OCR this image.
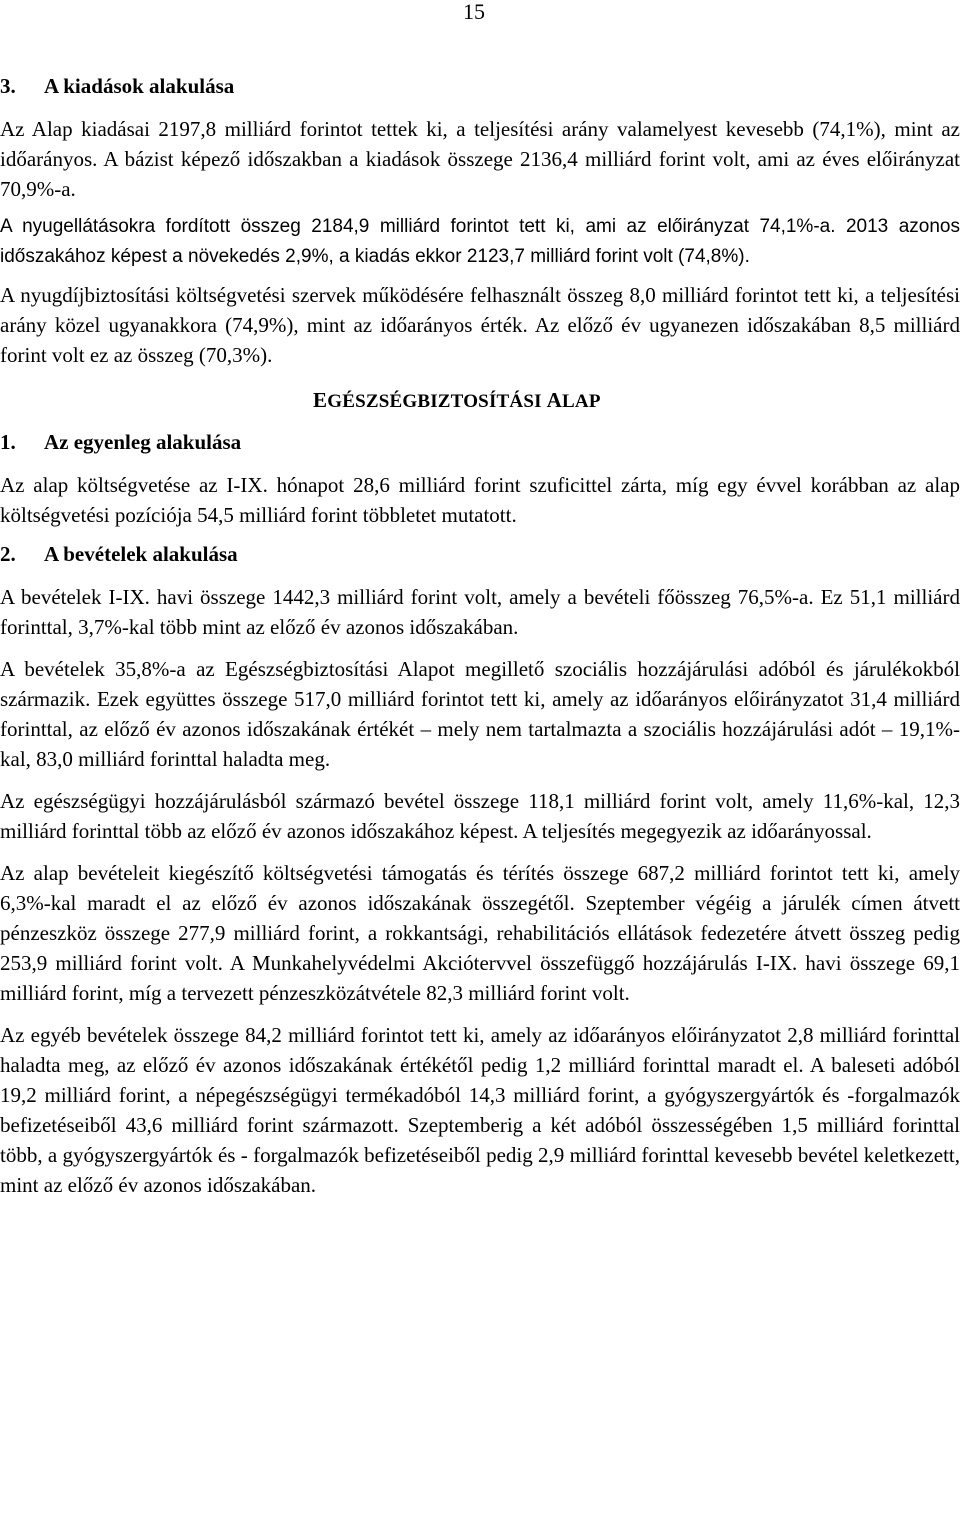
15
3. A kiadások alakulása

Az Alap kiadásai 2197,8 milliárd forintot tettek ki, a teljesítési arány valamelyest kevesebb (74,1%), mint az időarányos. A bázist képező időszakban a kiadások összege 2136,4 milliárd forint volt, ami az éves előirányzat 70,9%-a.

A nyugellátásokra fordított összeg 2184,9 milliárd forintot tett ki, ami az előirányzat 74,1%-a. 2013 azonos időszakához képest a növekedés 2,9%, a kiadás ekkor 2123,7 milliárd forint volt (74,8%).

A nyugdíjbiztosítási költségvetési szervek működésére felhasznált összeg 8,0 milliárd forintot tett ki, a teljesítési arány közel ugyanakkora (74,9%), mint az időarányos érték. Az előző év ugyanezen időszakában 8,5 milliárd forint volt ez az összeg (70,3%).

EGÉSZSÉGBIZTOSÍTÁSI ALAP
1. Az egyenleg alakulása

Az alap költségvetése az I-IX. hónapot 28,6 milliárd forint szuficittel zárta, míg egy évvel korábban az alap költségvetési pozíciója 54,5 milliárd forint többletet mutatott.

2. A bevételek alakulása

A bevételek I-IX. havi összege 1442,3 milliárd forint volt, amely a bevételi főösszeg 76,5%-a. Ez 51,1 milliárd forinttal, 3,7%-kal több mint az előző év azonos időszakában.

A bevételek 35,8%-a az Egészségbiztosítási Alapot megillető szociális hozzájárulási adóból és járulékokból származik. Ezek együttes összege 517,0 milliárd forintot tett ki, amely az időarányos előirányzatot 31,4 milliárd forinttal, az előző év azonos időszakának értékét – mely nem tartalmazta a szociális hozzájárulási adót – 19,1%-kal, 83,0 milliárd forinttal haladta meg.

Az egészségügyi hozzájárulásból származó bevétel összege 118,1 milliárd forint volt, amely 11,6%-kal, 12,3 milliárd forinttal több az előző év azonos időszakához képest. A teljesítés megegyezik az időarányossal.

Az alap bevételeit kiegészítő költségvetési támogatás és térítés összege 687,2 milliárd forintot tett ki, amely 6,3%-kal maradt el az előző év azonos időszakának összegétől. Szeptember végéig a járulék címen átvett pénzeszköz összege 277,9 milliárd forint, a rokkantsági, rehabilitációs ellátások fedezetére átvett összeg pedig 253,9 milliárd forint volt. A Munkahelyvédelmi Akciótervvel összefüggő hozzájárulás I-IX. havi összege 69,1 milliárd forint, míg a tervezett pénzeszközátvétele 82,3 milliárd forint volt.

Az egyéb bevételek összege 84,2 milliárd forintot tett ki, amely az időarányos előirányzatot 2,8 milliárd forinttal haladta meg, az előző év azonos időszakának értékétől pedig 1,2 milliárd forinttal maradt el. A baleseti adóból 19,2 milliárd forint, a népegészségügyi termékadóból 14,3 milliárd forint, a gyógyszergyártók és -forgalmazók befizetéseiből 43,6 milliárd forint származott. Szeptemberig a két adóból összességében 1,5 milliárd forinttal több, a gyógyszergyártók és - forgalmazók befizetéseiből pedig 2,9 milliárd forinttal kevesebb bevétel keletkezett, mint az előző év azonos időszakában.
